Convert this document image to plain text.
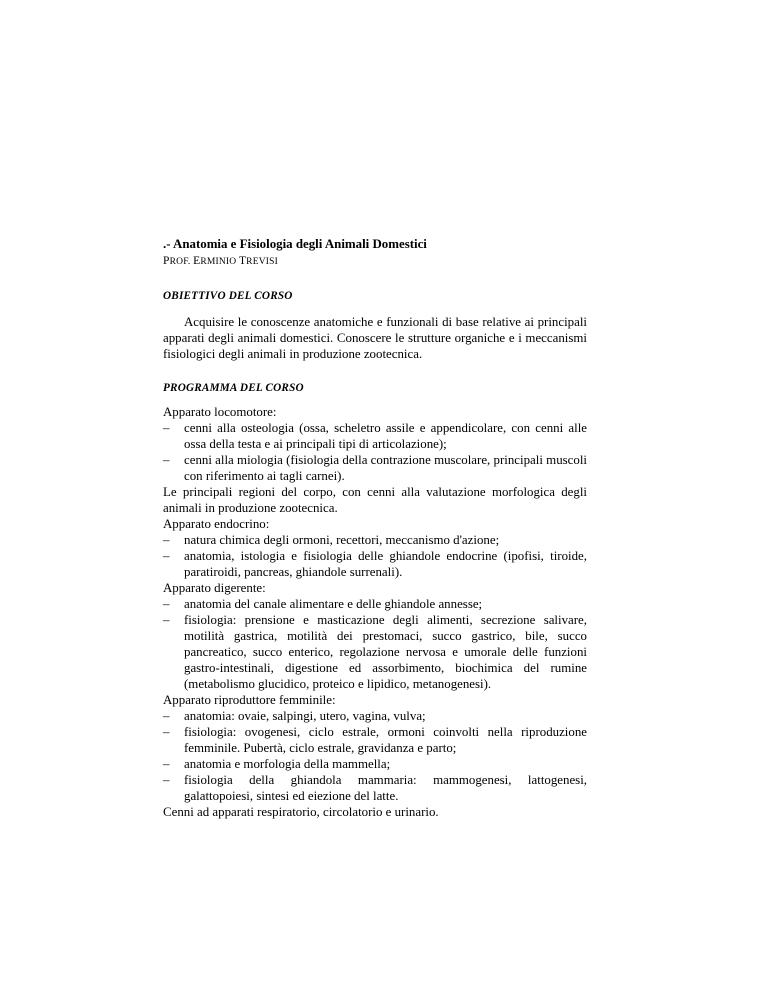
.- Anatomia e Fisiologia degli Animali Domestici

PROF. ERMINIO TREVISI

OBIETTIVO DEL CORSO

Acquisire le conoscenze anatomiche e funzionali di base relative ai principali apparati degli animali domestici. Conoscere le strutture organiche e i meccanismi fisiologici degli animali in produzione zootecnica.

PROGRAMMA DEL CORSO

Apparato locomotore:

– cenni alla osteologia (ossa, scheletro assile e appendicolare, con cenni alle ossa della testa e ai principali tipi di articolazione);

– cenni alla miologia (fisiologia della contrazione muscolare, principali muscoli con riferimento ai tagli carnei).

Le principali regioni del corpo, con cenni alla valutazione morfologica degli animali in produzione zootecnica.

Apparato endocrino:

– natura chimica degli ormoni, recettori, meccanismo d'azione;

– anatomia, istologia e fisiologia delle ghiandole endocrine (ipofisi, tiroide, paratiroidi, pancreas, ghiandole surrenali).

Apparato digerente:

– anatomia del canale alimentare e delle ghiandole annesse;

– fisiologia: prensione e masticazione degli alimenti, secrezione salivare, motilità gastrica, motilità dei prestomaci, succo gastrico, bile, succo pancreatico, succo enterico, regolazione nervosa e umorale delle funzioni gastro-intestinali, digestione ed assorbimento, biochimica del rumine (metabolismo glucidico, proteico e lipidico, metanogenesi).

Apparato riproduttore femminile:

– anatomia: ovaie, salpingi, utero, vagina, vulva;

– fisiologia: ovogenesi, ciclo estrale, ormoni coinvolti nella riproduzione femminile. Pubertà, ciclo estrale, gravidanza e parto;

– anatomia e morfologia della mammella;

– fisiologia della ghiandola mammaria: mammogenesi, lattogenesi, galattopoiesi, sintesi ed eiezione del latte.

Cenni ad apparati respiratorio, circolatorio e urinario.
